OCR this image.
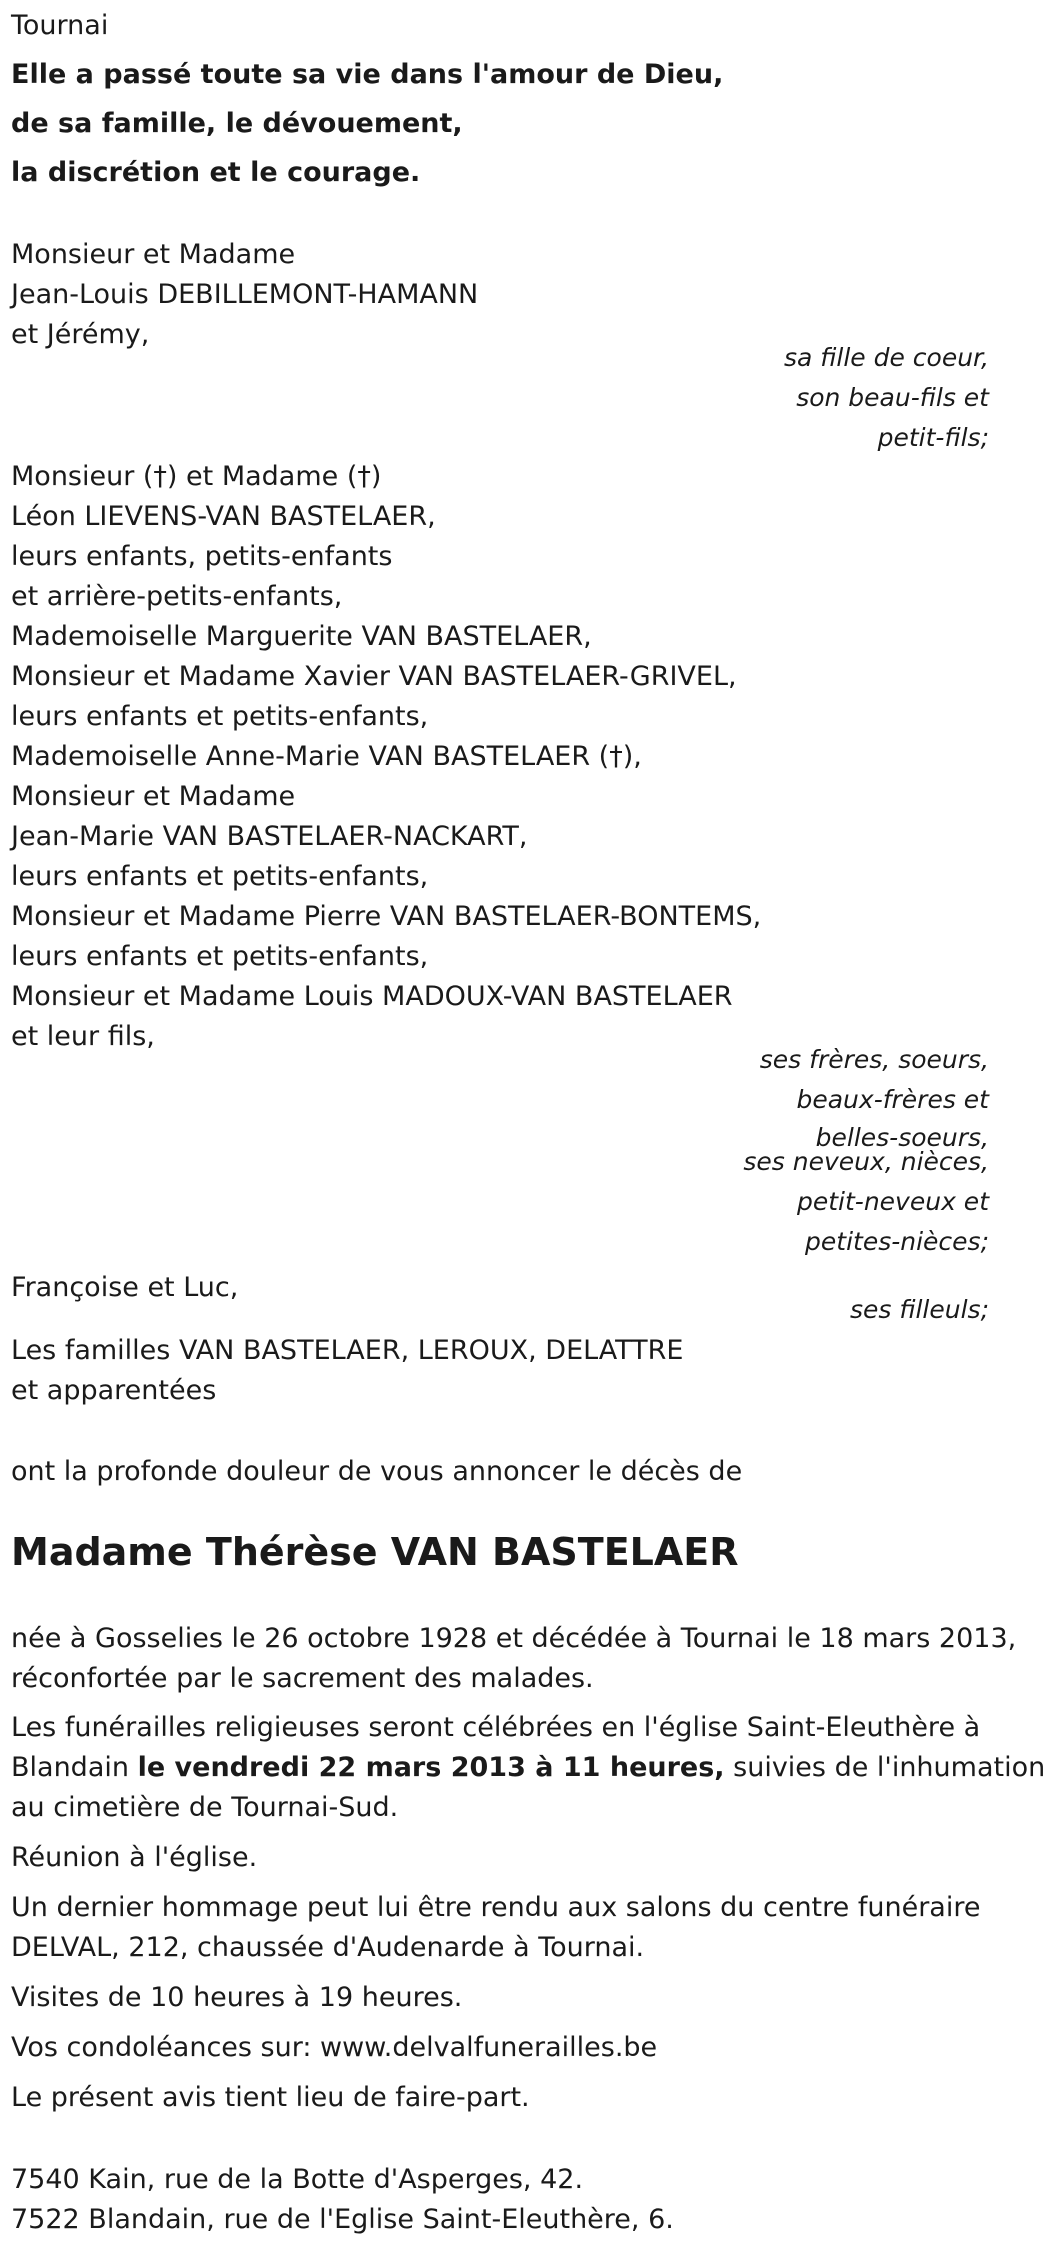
Tournai

Elle a passé toute sa vie dans l'amour de Dieu,

de sa famille, le dévouement,

la discrétion et le courage.

Monsieur et Madame

Jean-Louis DEBILLEMONT-HAMANN

et Jérémy,

sa fille de coeur,

son beau-fils et

petit-fils;

Monsieur (†) et Madame (†)

Léon LIEVENS-VAN BASTELAER,

leurs enfants, petits-enfants

et arrière-petits-enfants,

Mademoiselle Marguerite VAN BASTELAER,

Monsieur et Madame Xavier VAN BASTELAER-GRIVEL,

leurs enfants et petits-enfants,

Mademoiselle Anne-Marie VAN BASTELAER (†),

Monsieur et Madame

Jean-Marie VAN BASTELAER-NACKART,

leurs enfants et petits-enfants,

Monsieur et Madame Pierre VAN BASTELAER-BONTEMS,

leurs enfants et petits-enfants,

Monsieur et Madame Louis MADOUX-VAN BASTELAER

et leur fils,

ses frères, soeurs,

beaux-frères et

belles-soeurs,

ses neveux, nièces,

petit-neveux et

petites-nièces;

Françoise et Luc,

ses filleuls;

Les familles VAN BASTELAER, LEROUX, DELATTRE

et apparentées

ont la profonde douleur de vous annoncer le décès de

Madame Thérèse VAN BASTELAER

née à Gosselies le 26 octobre 1928 et décédée à Tournai le 18 mars 2013,

réconfortée par le sacrement des malades.

Les funérailles religieuses seront célébrées en l'église Saint-Eleuthère à

Blandain le vendredi 22 mars 2013 à 11 heures, suivies de l'inhumation

au cimetière de Tournai-Sud.

Réunion à l'église.

Un dernier hommage peut lui être rendu aux salons du centre funéraire

DELVAL, 212, chaussée d'Audenarde à Tournai.

Visites de 10 heures à 19 heures.

Vos condoléances sur: www.delvalfunerailles.be

Le présent avis tient lieu de faire-part.

7540 Kain, rue de la Botte d'Asperges, 42.

7522 Blandain, rue de l'Eglise Saint-Eleuthère, 6.
